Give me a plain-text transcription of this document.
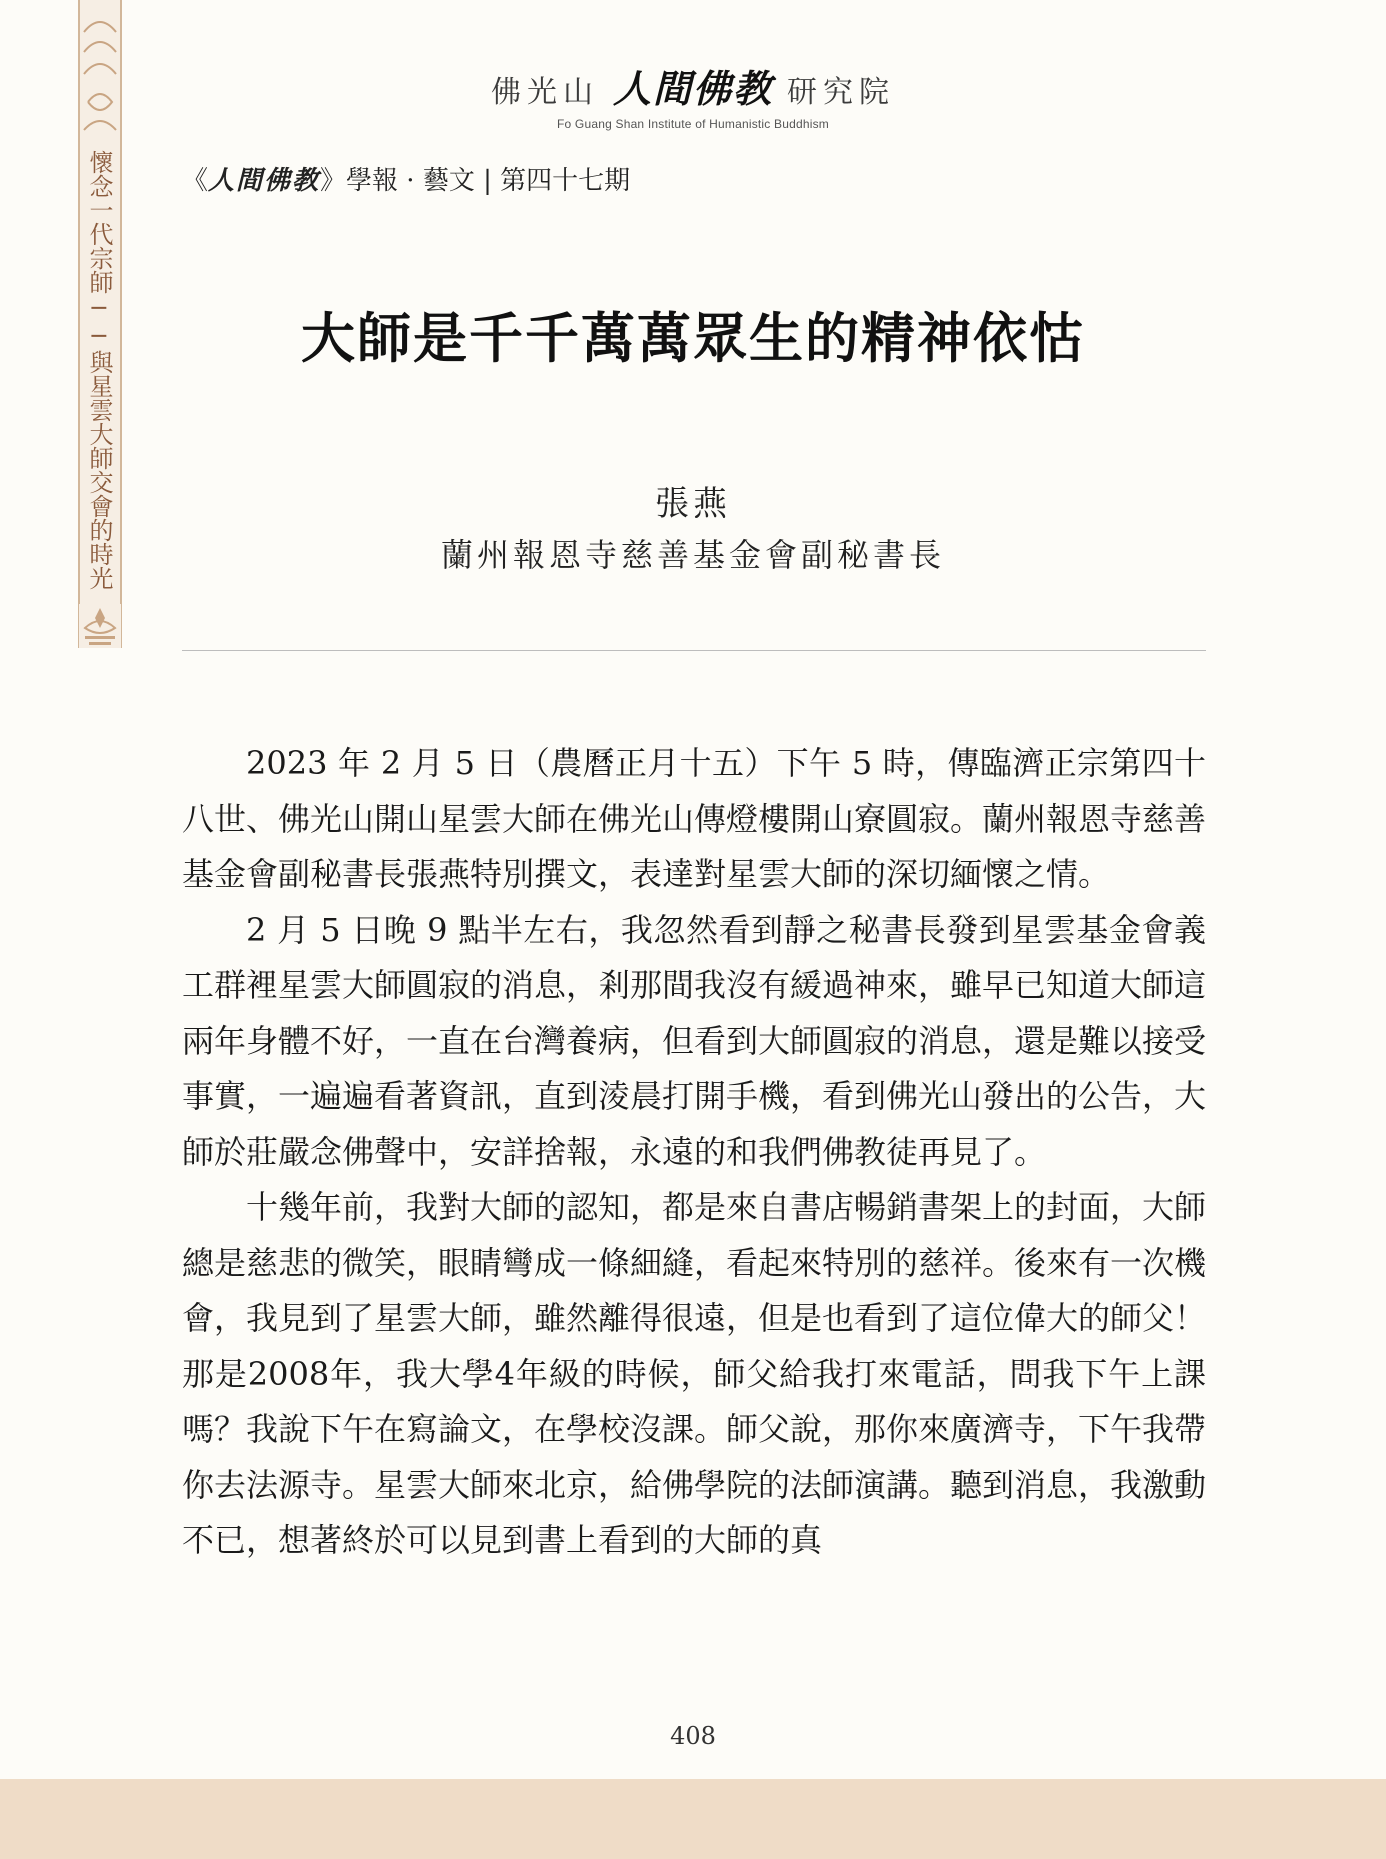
懷念一代宗師──與星雲大師交會的時光
佛光山 人間佛教 研究院
Fo Guang Shan Institute of Humanistic Buddhism
《人間佛教》學報 · 藝文 | 第四十七期
大師是千千萬萬眾生的精神依怙
張燕
蘭州報恩寺慈善基金會副秘書長

2023 年 2 月 5 日（農曆正月十五）下午 5 時，傳臨濟正宗第四十八世、佛光山開山星雲大師在佛光山傳燈樓開山寮圓寂。蘭州報恩寺慈善基金會副秘書長張燕特別撰文，表達對星雲大師的深切緬懷之情。

2 月 5 日晚 9 點半左右，我忽然看到靜之秘書長發到星雲基金會義工群裡星雲大師圓寂的消息，剎那間我沒有緩過神來，雖早已知道大師這兩年身體不好，一直在台灣養病，但看到大師圓寂的消息，還是難以接受事實，一遍遍看著資訊，直到淩晨打開手機，看到佛光山發出的公告，大師於莊嚴念佛聲中，安詳捨報，永遠的和我們佛教徒再見了。

十幾年前，我對大師的認知，都是來自書店暢銷書架上的封面，大師總是慈悲的微笑，眼睛彎成一條細縫，看起來特別的慈祥。後來有一次機會，我見到了星雲大師，雖然離得很遠，但是也看到了這位偉大的師父！那是2008年，我大學4年級的時候，師父給我打來電話，問我下午上課嗎？我說下午在寫論文，在學校沒課。師父說，那你來廣濟寺，下午我帶你去法源寺。星雲大師來北京，給佛學院的法師演講。聽到消息，我激動不已，想著終於可以見到書上看到的大師的真

408
